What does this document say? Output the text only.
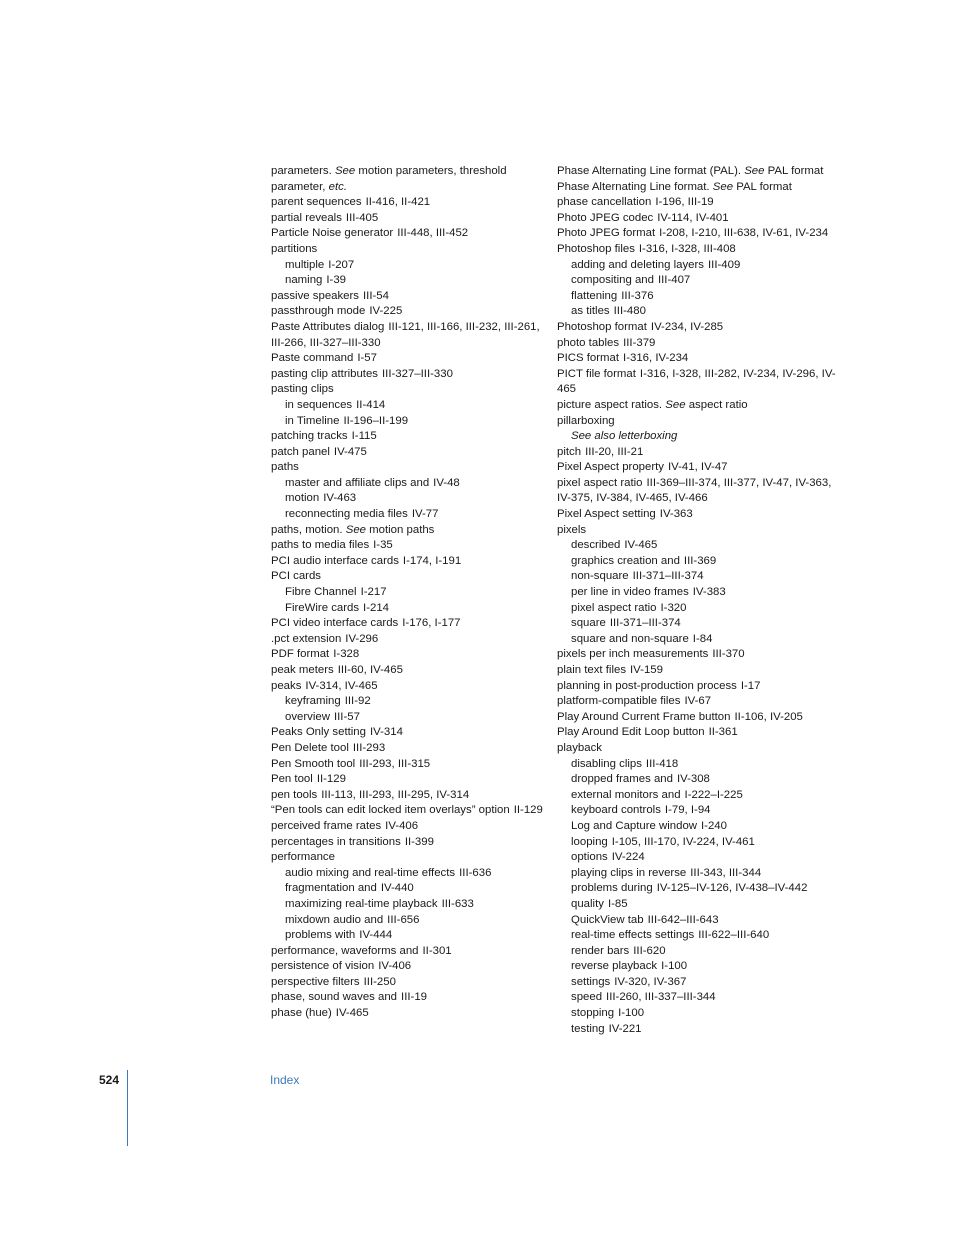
parameters. See motion parameters, threshold parameter, etc.
parent sequences II-416, II-421
partial reveals III-405
Particle Noise generator III-448, III-452
partitions
multiple I-207
naming I-39
passive speakers III-54
passthrough mode IV-225
Paste Attributes dialog III-121, III-166, III-232, III-261, III-266, III-327–III-330
Paste command I-57
pasting clip attributes III-327–III-330
pasting clips
in sequences II-414
in Timeline II-196–II-199
patching tracks I-115
patch panel IV-475
paths
master and affiliate clips and IV-48
motion IV-463
reconnecting media files IV-77
paths, motion. See motion paths
paths to media files I-35
PCI audio interface cards I-174, I-191
PCI cards
Fibre Channel I-217
FireWire cards I-214
PCI video interface cards I-176, I-177
.pct extension IV-296
PDF format I-328
peak meters III-60, IV-465
peaks IV-314, IV-465
keyframing III-92
overview III-57
Peaks Only setting IV-314
Pen Delete tool III-293
Pen Smooth tool III-293, III-315
Pen tool II-129
pen tools III-113, III-293, III-295, IV-314
“Pen tools can edit locked item overlays” option II-129
perceived frame rates IV-406
percentages in transitions II-399
performance
audio mixing and real-time effects III-636
fragmentation and IV-440
maximizing real-time playback III-633
mixdown audio and III-656
problems with IV-444
performance, waveforms and II-301
persistence of vision IV-406
perspective filters III-250
phase, sound waves and III-19
phase (hue) IV-465
Phase Alternating Line format (PAL). See PAL format
Phase Alternating Line format. See PAL format
phase cancellation I-196, III-19
Photo JPEG codec IV-114, IV-401
Photo JPEG format I-208, I-210, III-638, IV-61, IV-234
Photoshop files I-316, I-328, III-408
adding and deleting layers III-409
compositing and III-407
flattening III-376
as titles III-480
Photoshop format IV-234, IV-285
photo tables III-379
PICS format I-316, IV-234
PICT file format I-316, I-328, III-282, IV-234, IV-296, IV-465
picture aspect ratios. See aspect ratio
pillarboxing
See also letterboxing
pitch III-20, III-21
Pixel Aspect property IV-41, IV-47
pixel aspect ratio III-369–III-374, III-377, IV-47, IV-363, IV-375, IV-384, IV-465, IV-466
Pixel Aspect setting IV-363
pixels
described IV-465
graphics creation and III-369
non-square III-371–III-374
per line in video frames IV-383
pixel aspect ratio I-320
square III-371–III-374
square and non-square I-84
pixels per inch measurements III-370
plain text files IV-159
planning in post-production process I-17
platform-compatible files IV-67
Play Around Current Frame button II-106, IV-205
Play Around Edit Loop button II-361
playback
disabling clips III-418
dropped frames and IV-308
external monitors and I-222–I-225
keyboard controls I-79, I-94
Log and Capture window I-240
looping I-105, III-170, IV-224, IV-461
options IV-224
playing clips in reverse III-343, III-344
problems during IV-125–IV-126, IV-438–IV-442
quality I-85
QuickView tab III-642–III-643
real-time effects settings III-622–III-640
render bars III-620
reverse playback I-100
settings IV-320, IV-367
speed III-260, III-337–III-344
stopping I-100
testing IV-221
524	Index
